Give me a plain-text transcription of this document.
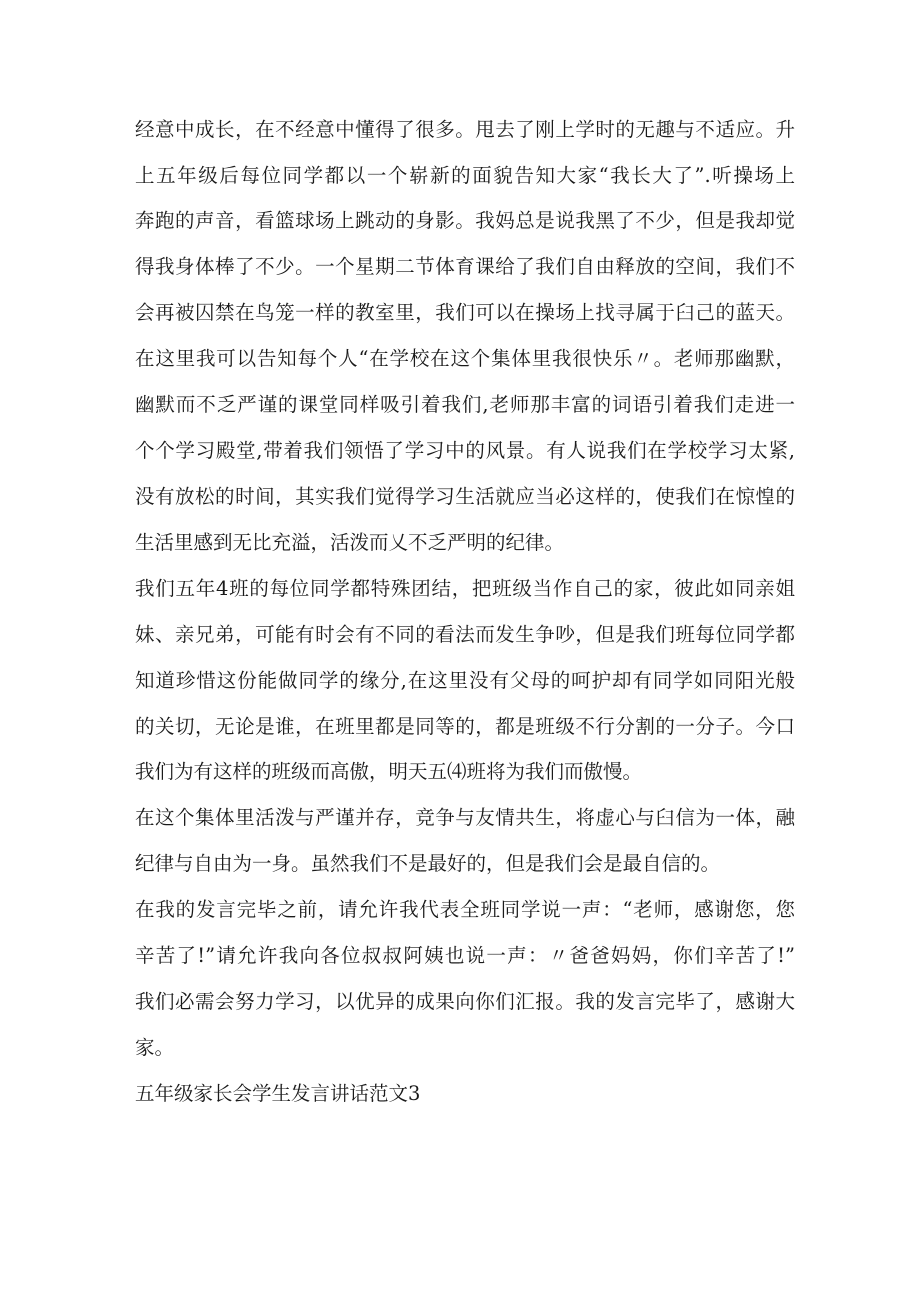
经意中成长，在不经意中懂得了很多。甩去了刚上学时的无趣与不适应。升

上五年级后每位同学都以一个崭新的面貌告知大家“我长大了”.听操场上

奔跑的声音，看篮球场上跳动的身影。我妈总是说我黑了不少，但是我却觉

得我身体棒了不少。一个星期二节体育课给了我们自由释放的空间，我们不

会再被囚禁在鸟笼一样的教室里，我们可以在操场上找寻属于臼己的蓝天。

在这里我可以告知每个人“在学校在这个集体里我很快乐〃。老师那幽默，

幽默而不乏严谨的课堂同样吸引着我们,老师那丰富的词语引着我们走进一

个个学习殿堂,带着我们领悟了学习中的风景。有人说我们在学校学习太紧,

没有放松的时间，其实我们觉得学习生活就应当必这样的，使我们在惊惶的

生活里感到无比充溢，活泼而乂不乏严明的纪律。

我们五年4班的每位同学都特殊团结，把班级当作自己的家，彼此如同亲姐

妹、亲兄弟，可能有时会有不同的看法而发生争吵，但是我们班每位同学都

知道珍惜这份能做同学的缘分,在这里没有父母的呵护却有同学如同阳光般

的关切，无论是谁，在班里都是同等的，都是班级不行分割的一分子。今口

我们为有这样的班级而高傲，明天五⑷班将为我们而傲慢。

在这个集体里活泼与严谨并存，竞争与友情共生，将虚心与臼信为一体，融

纪律与自由为一身。虽然我们不是最好的，但是我们会是最自信的。

在我的发言完毕之前，请允许我代表全班同学说一声：“老师，感谢您，您

辛苦了!”请允许我向各位叔叔阿姨也说一声：〃爸爸妈妈，你们辛苦了!”

我们必需会努力学习，以优异的成果向你们汇报。我的发言完毕了，感谢大

家。

五年级家长会学生发言讲话范文3
